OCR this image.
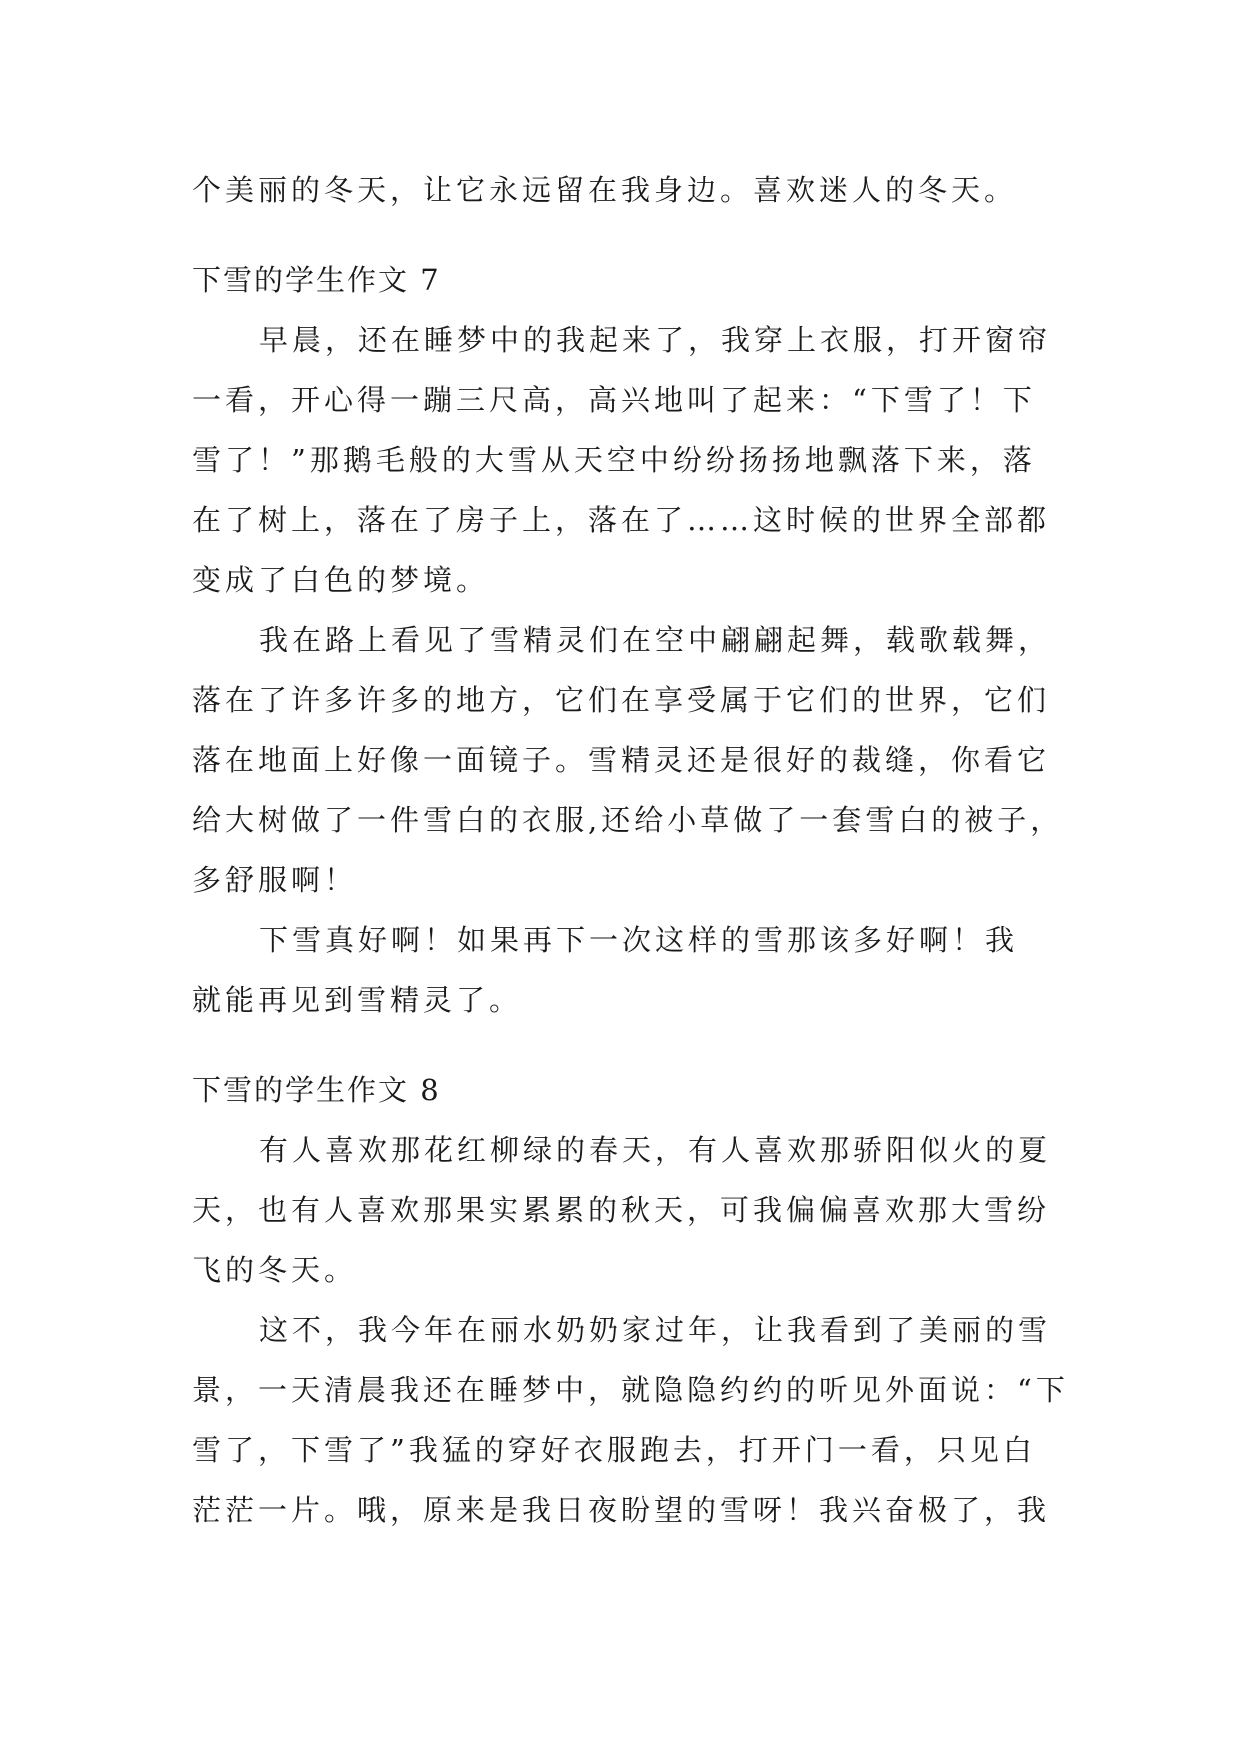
个美丽的冬天，让它永远留在我身边。喜欢迷人的冬天。
下雪的学生作文 7
早晨，还在睡梦中的我起来了，我穿上衣服，打开窗帘
一看，开心得一蹦三尺高，高兴地叫了起来：“下雪了！下
雪了！”那鹅毛般的大雪从天空中纷纷扬扬地飘落下来，落
在了树上，落在了房子上，落在了……这时候的世界全部都
变成了白色的梦境。
我在路上看见了雪精灵们在空中翩翩起舞，载歌载舞，
落在了许多许多的地方，它们在享受属于它们的世界，它们
落在地面上好像一面镜子。雪精灵还是很好的裁缝，你看它
给大树做了一件雪白的衣服,还给小草做了一套雪白的被子，
多舒服啊！
下雪真好啊！如果再下一次这样的雪那该多好啊！我
就能再见到雪精灵了。
下雪的学生作文 8
有人喜欢那花红柳绿的春天，有人喜欢那骄阳似火的夏
天，也有人喜欢那果实累累的秋天，可我偏偏喜欢那大雪纷
飞的冬天。
这不，我今年在丽水奶奶家过年，让我看到了美丽的雪
景，一天清晨我还在睡梦中，就隐隐约约的听见外面说：“下
雪了，下雪了”我猛的穿好衣服跑去，打开门一看，只见白
茫茫一片。哦，原来是我日夜盼望的雪呀！我兴奋极了，我
